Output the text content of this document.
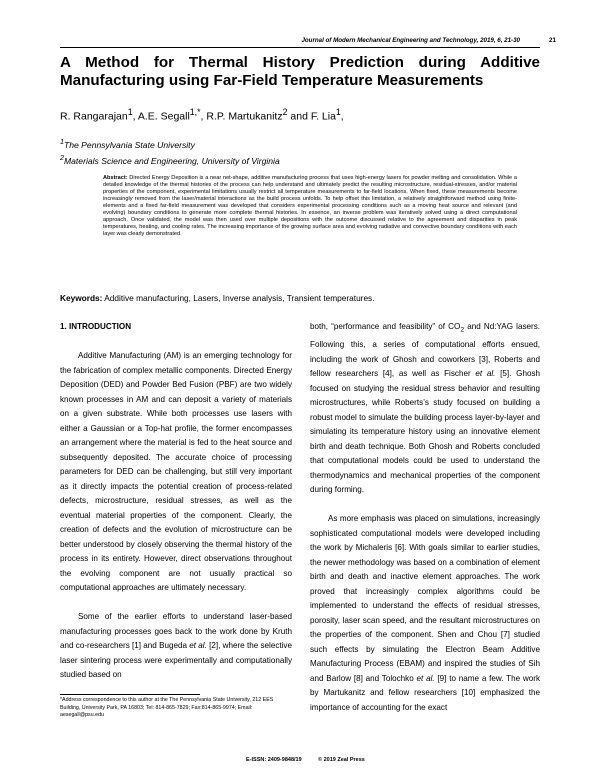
Journal of Modern Mechanical Engineering and Technology, 2019, 6, 21-30	21
A Method for Thermal History Prediction during Additive Manufacturing using Far-Field Temperature Measurements
R. Rangarajan$^1$, A.E. Segall$^{1,*}$, R.P. Martukanitz$^2$ and F. Lia$^1$,
$^1$The Pennsylvania State University
$^2$Materials Science and Engineering, University of Virginia
Abstract: Directed Energy Deposition is a near net-shape, additive manufacturing process that uses high-energy lasers for powder melting and consolidation. While a detailed knowledge of the thermal histories of the process can help understand and ultimately predict the resulting microstructure, residual-stresses, and/or material properties of the component, experimental limitations usually restrict all temperature measurements to far-field locations. When fixed, these measurements become increasingly removed from the laser/material interactions as the build process unfolds. To help offset this limitation, a relatively straightforward method using finite-elements and a fixed far-field measurement was developed that considers experimental processing conditions such as a moving heat source and relevant (and evolving) boundary conditions to generate more complete thermal histories. In essence, an inverse problem was iteratively solved using a direct computational approach. Once validated, the model was then used over multiple depositions with the outcome discussed relative to the agreement and disparities in peak temperatures, heating, and cooling rates. The increasing importance of the growing surface area and evolving radiative and convective boundary conditions with each layer was clearly demonstrated.
Keywords: Additive manufacturing, Lasers, Inverse analysis, Transient temperatures.

1. INTRODUCTION

Additive Manufacturing (AM) is an emerging technology for the fabrication of complex metallic components. Directed Energy Deposition (DED) and Powder Bed Fusion (PBF) are two widely known processes in AM and can deposit a variety of materials on a given substrate. While both processes use lasers with either a Gaussian or a Top-hat profile, the former encompasses an arrangement where the material is fed to the heat source and subsequently deposited. The accurate choice of processing parameters for DED can be challenging, but still very important as it directly impacts the potential creation of process-related defects, microstructure, residual stresses, as well as the eventual material properties of the component. Clearly, the creation of defects and the evolution of microstructure can be better understood by closely observing the thermal history of the process in its entirety. However, direct observations throughout the evolving component are not usually practical so computational approaches are ultimately necessary.

Some of the earlier efforts to understand laser-based manufacturing processes goes back to the work done by Kruth and co-researchers [1] and Bugeda et al. [2], where the selective laser sintering process were experimentally and computationally studied based on

both, “performance and feasibility” of $CO_2$ and Nd:YAG lasers. Following this, a series of computational efforts ensued, including the work of Ghosh and coworkers [3], Roberts and fellow researchers [4], as well as Fischer et al. [5]. Ghosh focused on studying the residual stress behavior and resulting microstructures, while Roberts’s study focused on building a robust model to simulate the building process layer-by-layer and simulating its temperature history using an innovative element birth and death technique. Both Ghosh and Roberts concluded that computational models could be used to understand the thermodynamics and mechanical properties of the component during forming.

As more emphasis was placed on simulations, increasingly sophisticated computational models were developed including the work by Michaleris [6]. With goals similar to earlier studies, the newer methodology was based on a combination of element birth and death and inactive element approaches. The work proved that increasingly complex algorithms could be implemented to understand the effects of residual stresses, porosity, laser scan speed, and the resultant microstructures on the properties of the component. Shen and Chou [7] studied such effects by simulating the Electron Beam Additive Manufacturing Process (EBAM) and inspired the studies of Sih and Barlow [8] and Tolochko et al. [9] to name a few. The work by Martukanitz and fellow researchers [10] emphasized the importance of accounting for the exact

*Address correspondence to this author at the The Pennsylvania State University, 212 EES Building, University Park, PA 16803; Tel: 814-865-7829; Fax:814-865-9974; Email: aesegall@psu.edu
E-ISSN: 2409-9848/19	© 2019 Zeal Press
